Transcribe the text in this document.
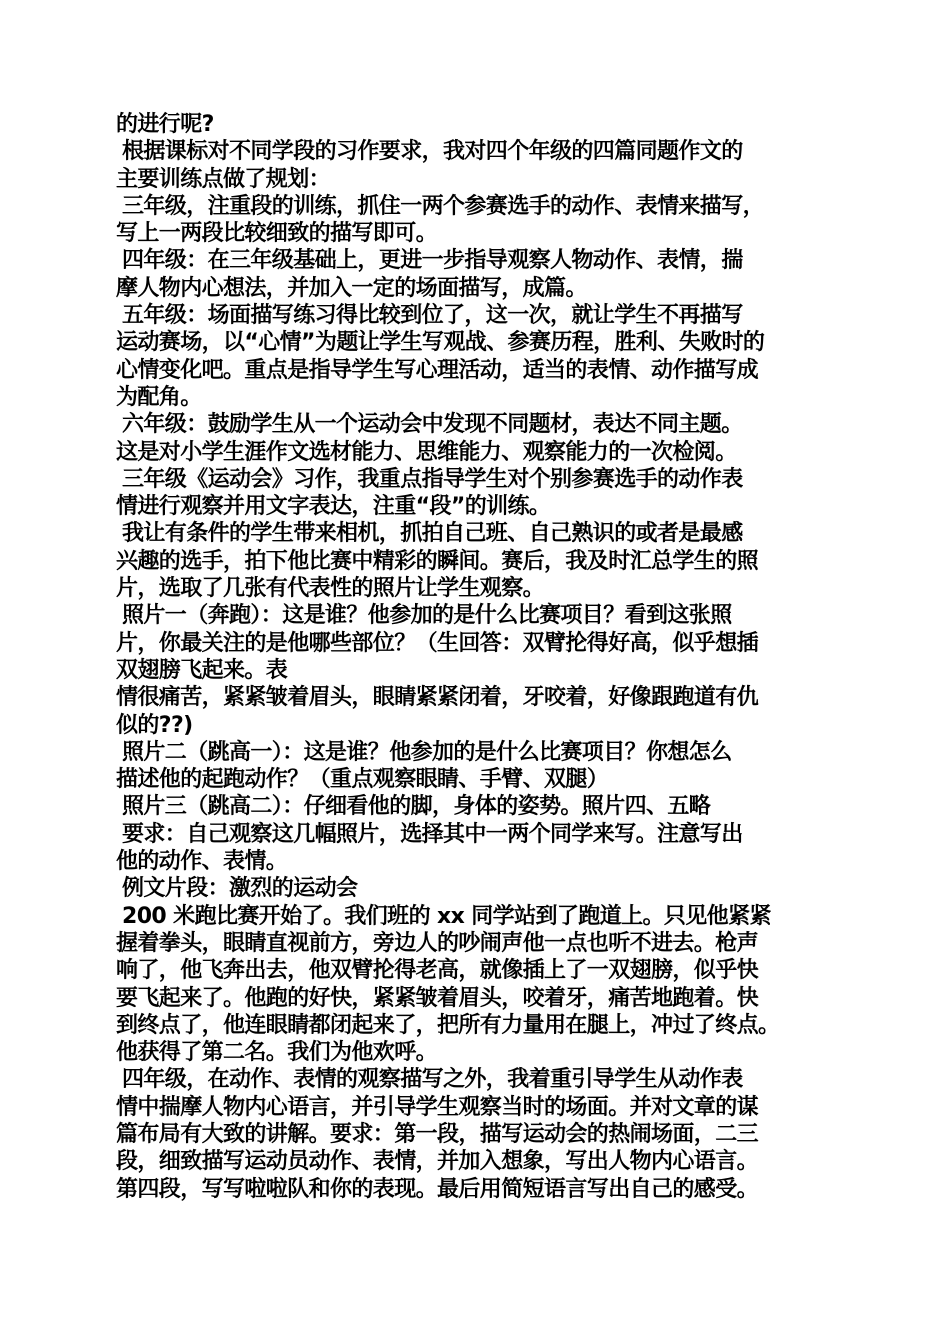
的进行呢?
根据课标对不同学段的习作要求，我对四个年级的四篇同题作文的
主要训练点做了规划：
三年级，注重段的训练，抓住一两个参赛选手的动作、表情来描写，
写上一两段比较细致的描写即可。
四年级：在三年级基础上，更进一步指导观察人物动作、表情，揣
摩人物内心想法，并加入一定的场面描写，成篇。
五年级：场面描写练习得比较到位了，这一次，就让学生不再描写
运动赛场，以“心情”为题让学生写观战、参赛历程，胜利、失败时的
心情变化吧。重点是指导学生写心理活动，适当的表情、动作描写成
为配角。
六年级：鼓励学生从一个运动会中发现不同题材，表达不同主题。
这是对小学生涯作文选材能力、思维能力、观察能力的一次检阅。
三年级《运动会》习作，我重点指导学生对个别参赛选手的动作表
情进行观察并用文字表达，注重“段”的训练。
我让有条件的学生带来相机，抓拍自己班、自己熟识的或者是最感
兴趣的选手，拍下他比赛中精彩的瞬间。赛后，我及时汇总学生的照
片，选取了几张有代表性的照片让学生观察。
照片一（奔跑）：这是谁？他参加的是什么比赛项目？看到这张照
片，你最关注的是他哪些部位？（生回答：双臂抡得好高，似乎想插
双翅膀飞起来。表
情很痛苦，紧紧皱着眉头，眼睛紧紧闭着，牙咬着，好像跟跑道有仇
似的??)
照片二（跳高一）：这是谁？他参加的是什么比赛项目？你想怎么
描述他的起跑动作？（重点观察眼睛、手臂、双腿）
照片三（跳高二）：仔细看他的脚，身体的姿势。照片四、五略
要求：自己观察这几幅照片，选择其中一两个同学来写。注意写出
他的动作、表情。
例文片段：激烈的运动会
200 米跑比赛开始了。我们班的 xx 同学站到了跑道上。只见他紧紧
握着拳头，眼睛直视前方，旁边人的吵闹声他一点也听不进去。枪声
响了，他飞奔出去，他双臂抡得老高，就像插上了一双翅膀，似乎快
要飞起来了。他跑的好快，紧紧皱着眉头，咬着牙，痛苦地跑着。快
到终点了，他连眼睛都闭起来了，把所有力量用在腿上，冲过了终点。
他获得了第二名。我们为他欢呼。
四年级，在动作、表情的观察描写之外，我着重引导学生从动作表
情中揣摩人物内心语言，并引导学生观察当时的场面。并对文章的谋
篇布局有大致的讲解。要求：第一段，描写运动会的热闹场面，二三
段，细致描写运动员动作、表情，并加入想象，写出人物内心语言。
第四段，写写啦啦队和你的表现。最后用简短语言写出自己的感受。
